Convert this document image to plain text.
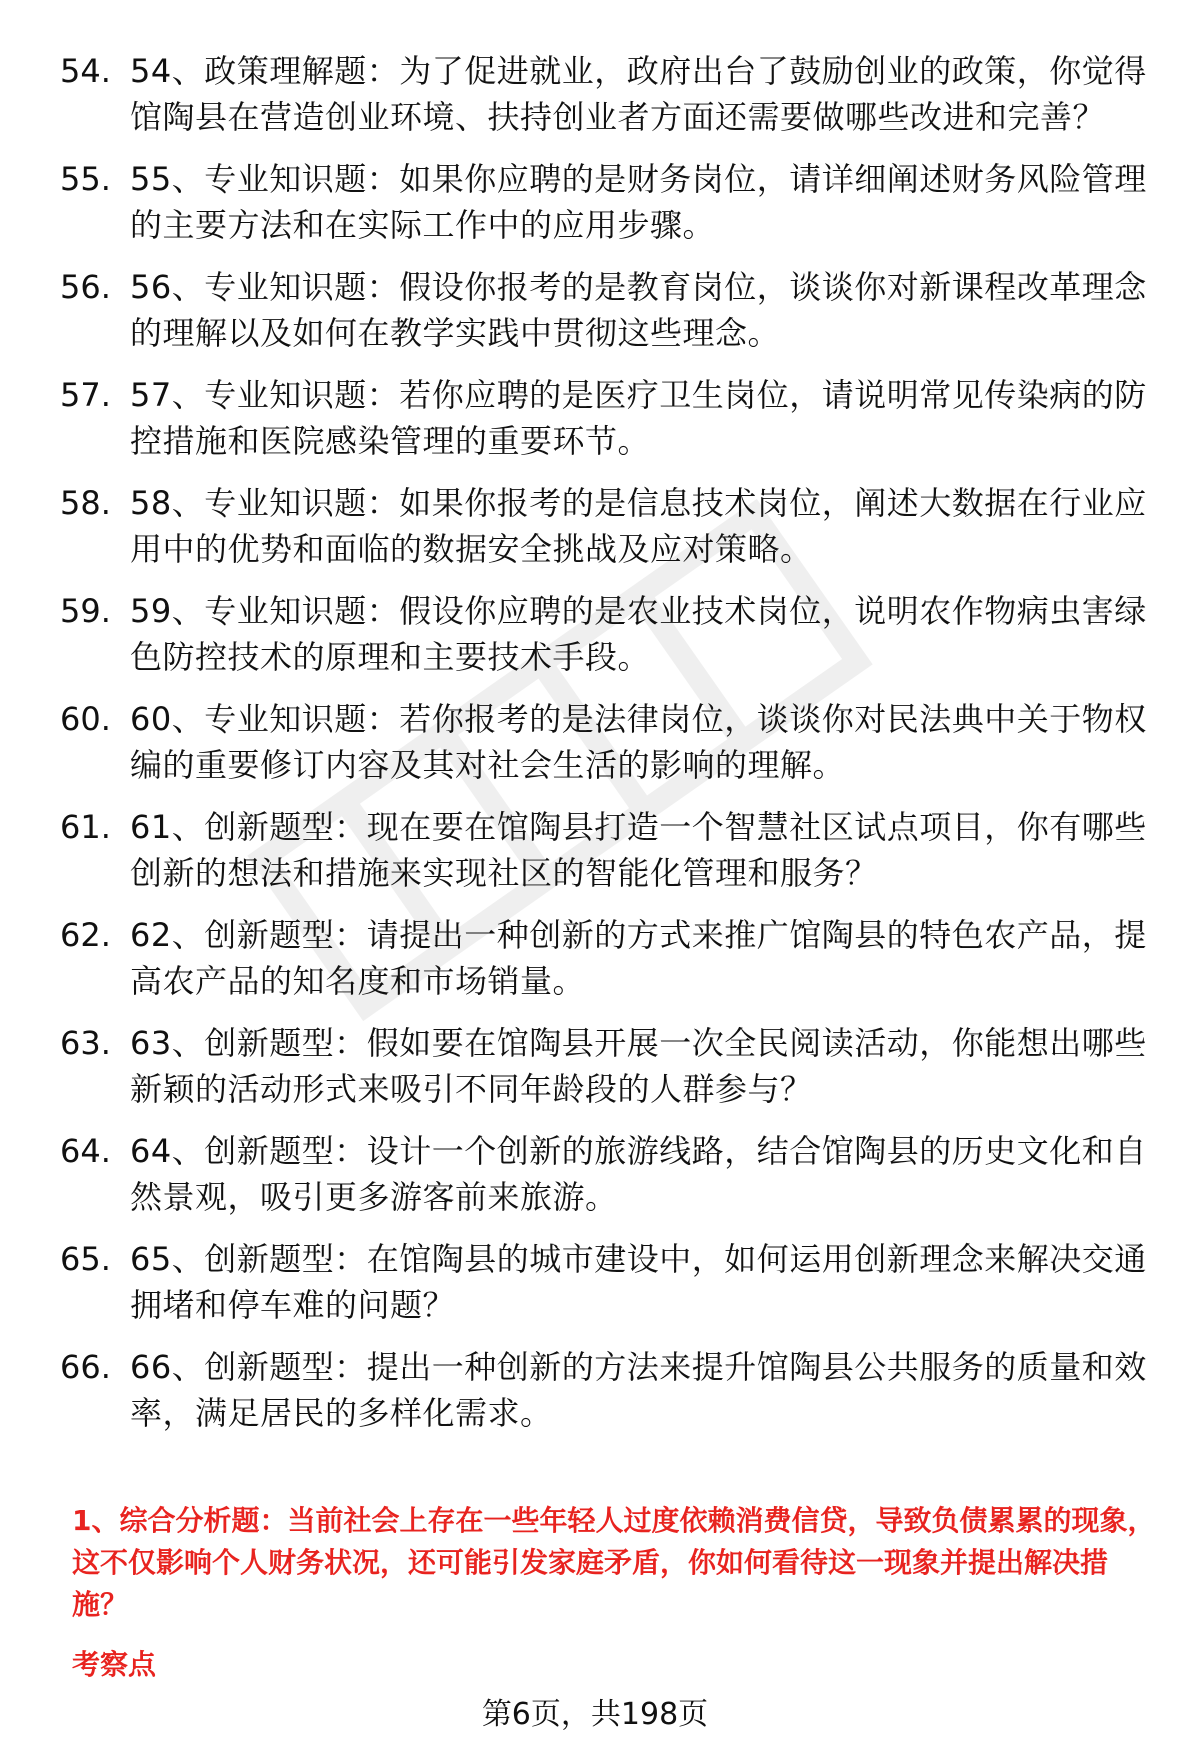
54. 54、政策理解题：为了促进就业，政府出台了鼓励创业的政策，你觉得馆陶县在营造创业环境、扶持创业者方面还需要做哪些改进和完善？
55. 55、专业知识题：如果你应聘的是财务岗位，请详细阐述财务风险管理的主要方法和在实际工作中的应用步骤。
56. 56、专业知识题：假设你报考的是教育岗位，谈谈你对新课程改革理念的理解以及如何在教学实践中贯彻这些理念。
57. 57、专业知识题：若你应聘的是医疗卫生岗位，请说明常见传染病的防控措施和医院感染管理的重要环节。
58. 58、专业知识题：如果你报考的是信息技术岗位，阐述大数据在行业应用中的优势和面临的数据安全挑战及应对策略。
59. 59、专业知识题：假设你应聘的是农业技术岗位，说明农作物病虫害绿色防控技术的原理和主要技术手段。
60. 60、专业知识题：若你报考的是法律岗位，谈谈你对民法典中关于物权编的重要修订内容及其对社会生活的影响的理解。
61. 61、创新题型：现在要在馆陶县打造一个智慧社区试点项目，你有哪些创新的想法和措施来实现社区的智能化管理和服务？
62. 62、创新题型：请提出一种创新的方式来推广馆陶县的特色农产品，提高农产品的知名度和市场销量。
63. 63、创新题型：假如要在馆陶县开展一次全民阅读活动，你能想出哪些新颖的活动形式来吸引不同年龄段的人群参与？
64. 64、创新题型：设计一个创新的旅游线路，结合馆陶县的历史文化和自然景观，吸引更多游客前来旅游。
65. 65、创新题型：在馆陶县的城市建设中，如何运用创新理念来解决交通拥堵和停车难的问题？
66. 66、创新题型：提出一种创新的方法来提升馆陶县公共服务的质量和效率，满足居民的多样化需求。

1、综合分析题：当前社会上存在一些年轻人过度依赖消费信贷，导致负债累累的现象，这不仅影响个人财务状况，还可能引发家庭矛盾，你如何看待这一现象并提出解决措施？

考察点

第6页，共198页
